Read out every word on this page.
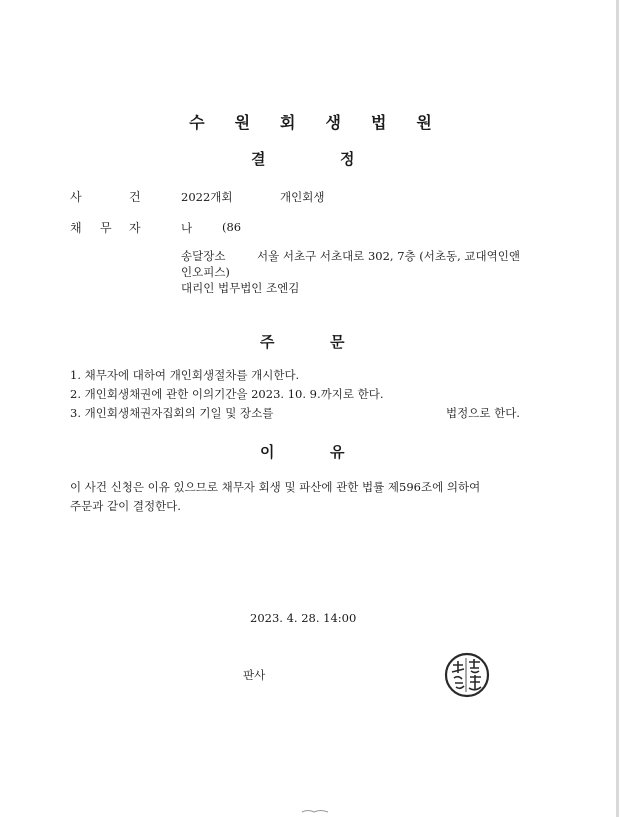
수원회생법원
결	정
사	건	2022개회	개인회생
채 무 자	나	(86
송달장소	서울 서초구 서초대로 302, 7층 (서초동, 교대역인앤
인오피스)
대리인 법무법인 조엔김
주	문
1. 채무자에 대하여 개인회생절차를 개시한다.
2. 개인회생채권에 관한 이의기간을 2023. 10. 9.까지로 한다.
3. 개인회생채권자집회의 기일 및 장소를	법정으로 한다.
이	유
이 사건 신청은 이유 있으므로 채무자 회생 및 파산에 관한 법률 제596조에 의하여
주문과 같이 결정한다.
2023. 4. 28. 14:00
판사
